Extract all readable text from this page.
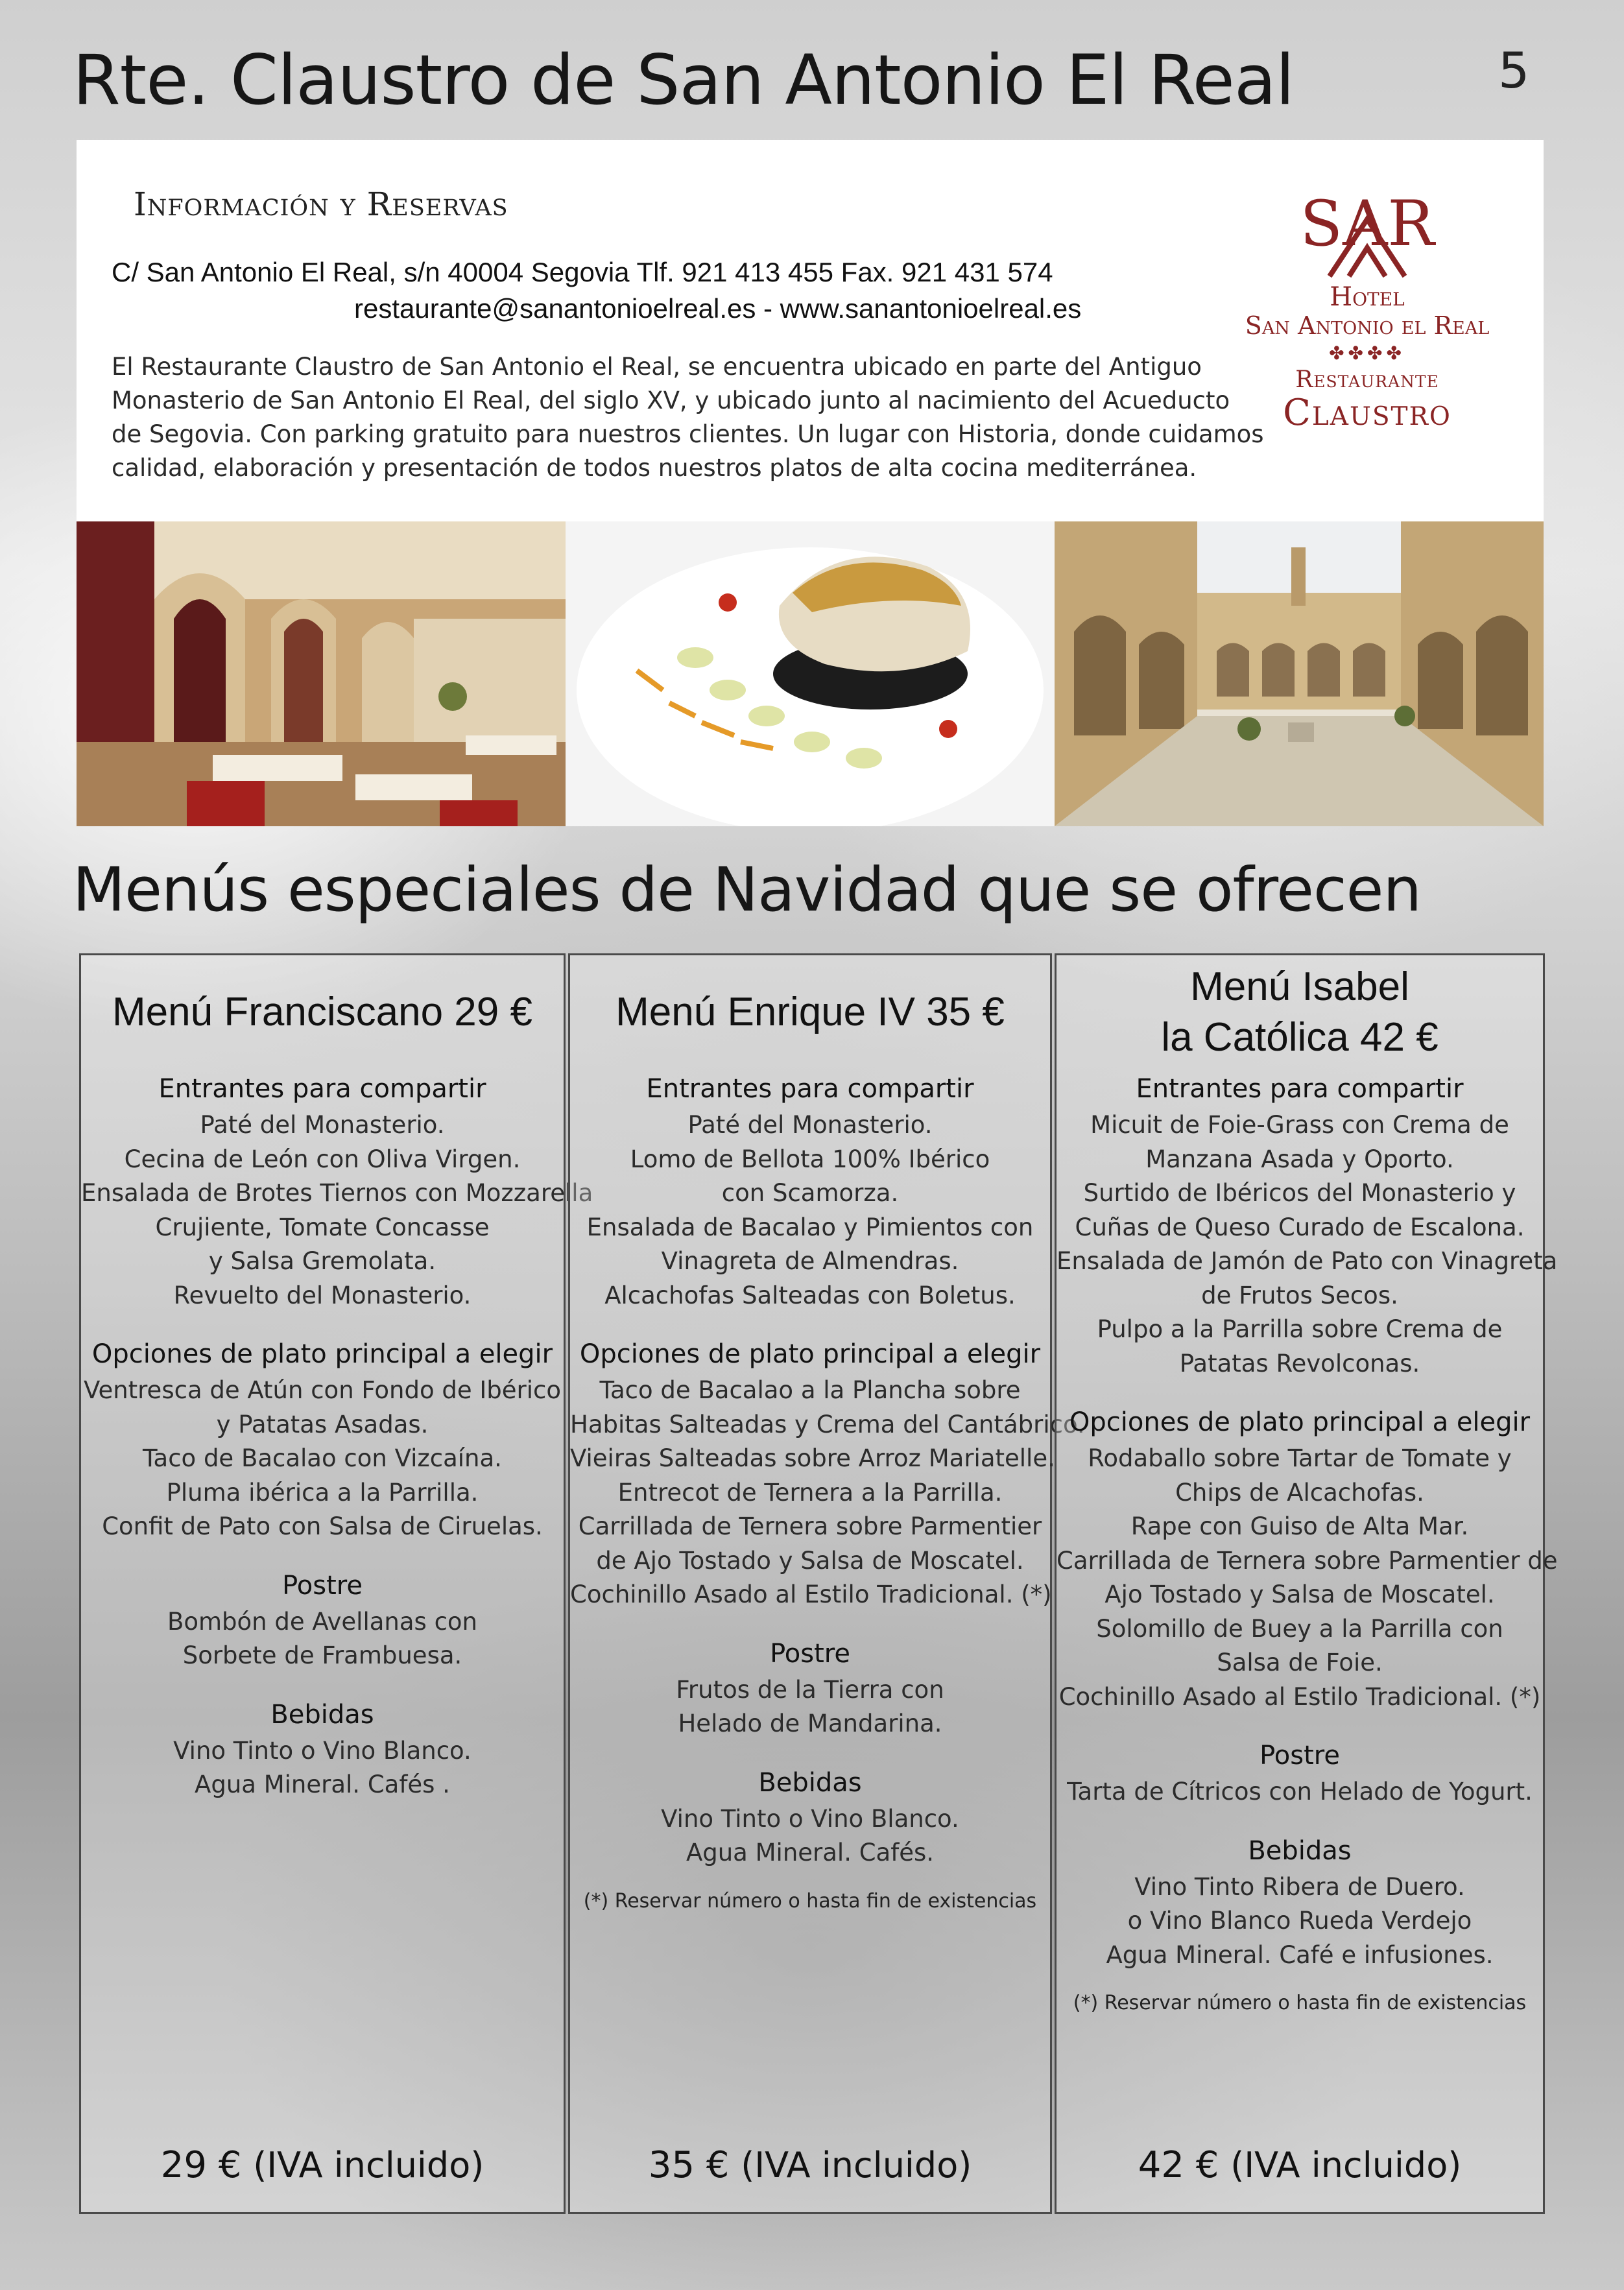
Rte. Claustro de San Antonio El Real	5
Información y Reservas
C/ San Antonio El Real, s/n 40004 Segovia Tlf. 921 413 455 Fax. 921 431 574
restaurante@sanantonioelreal.es - www.sanantonioelreal.es
El Restaurante Claustro de San Antonio el Real, se encuentra ubicado en parte del Antiguo
Monasterio de San Antonio El Real, del siglo XV, y ubicado junto al nacimiento del Acueducto
de Segovia. Con parking gratuito para nuestros clientes. Un lugar con Historia, donde cuidamos
calidad, elaboración y presentación de todos nuestros platos de alta cocina mediterránea.
SAR
Hotel
San Antonio el Real
✤✤✤✤
Restaurante
Claustro
Menús especiales de Navidad que se ofrecen
Menú Franciscano 29 €
Entrantes para compartir
Paté del Monasterio.
Cecina de León con Oliva Virgen.
Ensalada de Brotes Tiernos con Mozzarella
Crujiente, Tomate Concasse
y Salsa Gremolata.
Revuelto del Monasterio.
Opciones de plato principal a elegir
Ventresca de Atún con Fondo de Ibérico
y Patatas Asadas.
Taco de Bacalao con Vizcaína.
Pluma ibérica a la Parrilla.
Confit de Pato con Salsa de Ciruelas.
Postre
Bombón de Avellanas con
Sorbete de Frambuesa.
Bebidas
Vino Tinto o Vino Blanco.
Agua Mineral. Cafés .
29 € (IVA incluido)
Menú Enrique IV 35 €
Entrantes para compartir
Paté del Monasterio.
Lomo de Bellota 100% Ibérico
con Scamorza.
Ensalada de Bacalao y Pimientos con
Vinagreta de Almendras.
Alcachofas Salteadas con Boletus.
Opciones de plato principal a elegir
Taco de Bacalao a la Plancha sobre
Habitas Salteadas y Crema del Cantábrico.
Vieiras Salteadas sobre Arroz Mariatelle.
Entrecot de Ternera a la Parrilla.
Carrillada de Ternera sobre Parmentier
de Ajo Tostado y Salsa de Moscatel.
Cochinillo Asado al Estilo Tradicional. (*)
Postre
Frutos de la Tierra con
Helado de Mandarina.
Bebidas
Vino Tinto o Vino Blanco.
Agua Mineral. Cafés.
(*) Reservar número o hasta fin de existencias
35 € (IVA incluido)
Menú Isabel
la Católica 42 €
Entrantes para compartir
Micuit de Foie-Grass con Crema de
Manzana Asada y Oporto.
Surtido de Ibéricos del Monasterio y
Cuñas de Queso Curado de Escalona.
Ensalada de Jamón de Pato con Vinagreta
de Frutos Secos.
Pulpo a la Parrilla sobre Crema de
Patatas Revolconas.
Opciones de plato principal a elegir
Rodaballo sobre Tartar de Tomate y
Chips de Alcachofas.
Rape con Guiso de Alta Mar.
Carrillada de Ternera sobre Parmentier de
Ajo Tostado y Salsa de Moscatel.
Solomillo de Buey a la Parrilla con
Salsa de Foie.
Cochinillo Asado al Estilo Tradicional. (*)
Postre
Tarta de Cítricos con Helado de Yogurt.
Bebidas
Vino Tinto Ribera de Duero.
o Vino Blanco Rueda Verdejo
Agua Mineral. Café e infusiones.
(*) Reservar número o hasta fin de existencias
42 € (IVA incluido)
